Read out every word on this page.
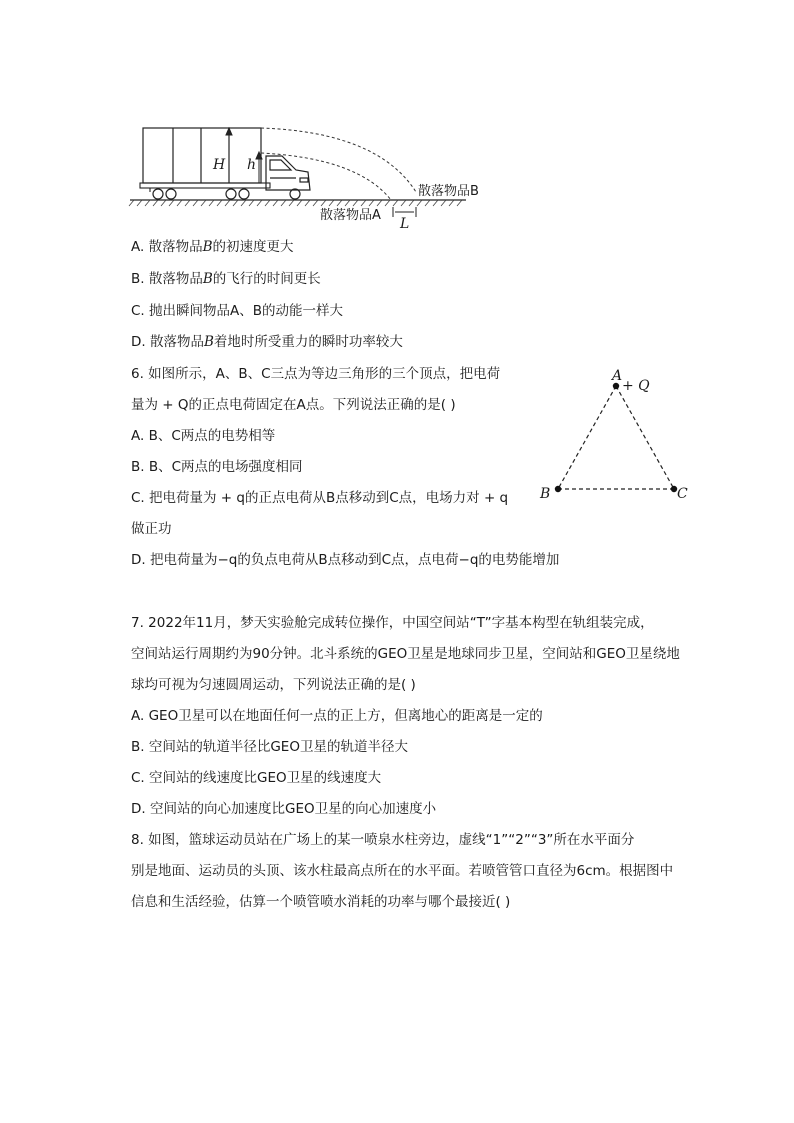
H h
L
散落物品B
散落物品A
A. 散落物品B的初速度更大
B. 散落物品B的飞行的时间更长
C. 抛出瞬间物品A、B的动能一样大
D. 散落物品B着地时所受重力的瞬时功率较大
6. 如图所示，A、B、C三点为等边三角形的三个顶点，把电荷
量为 + Q的正点电荷固定在A点。下列说法正确的是( )
A. B、C两点的电势相等
B. B、C两点的电场强度相同
C. 把电荷量为 + q的正点电荷从B点移动到C点，电场力对 + q
做正功
D. 把电荷量为−q的负点电荷从B点移动到C点，点电荷−q的电势能增加
A
+ Q
B	C
7. 2022年11月，梦天实验舱完成转位操作，中国空间站“T”字基本构型在轨组装完成，
空间站运行周期约为90分钟。北斗系统的GEO卫星是地球同步卫星，空间站和GEO卫星绕地
球均可视为匀速圆周运动，下列说法正确的是( )
A. GEO卫星可以在地面任何一点的正上方，但离地心的距离是一定的
B. 空间站的轨道半径比GEO卫星的轨道半径大
C. 空间站的线速度比GEO卫星的线速度大
D. 空间站的向心加速度比GEO卫星的向心加速度小
8. 如图，篮球运动员站在广场上的某一喷泉水柱旁边，虚线“1”“2”“3”所在水平面分
别是地面、运动员的头顶、该水柱最高点所在的水平面。若喷管管口直径为6cm。根据图中
信息和生活经验，估算一个喷管喷水消耗的功率与哪个最接近( )
